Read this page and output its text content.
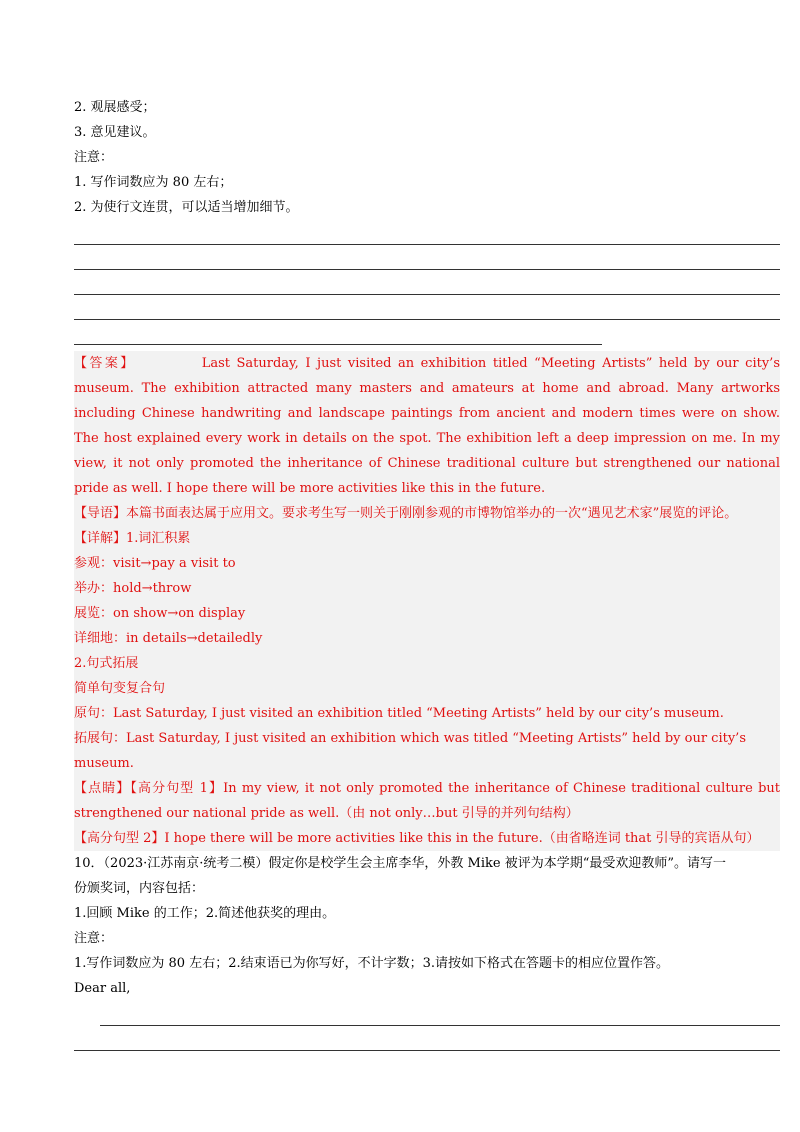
2. 观展感受；
3. 意见建议。
注意：
1. 写作词数应为 80 左右；
2. 为使行文连贯，可以适当增加细节。
【答案】	Last Saturday, I just visited an exhibition titled “Meeting Artists” held by our city’s museum. The exhibition attracted many masters and amateurs at home and abroad. Many artworks including Chinese handwriting and landscape paintings from ancient and modern times were on show. The host explained every work in details on the spot. The exhibition left a deep impression on me. In my view, it not only promoted the inheritance of Chinese traditional culture but strengthened our national pride as well. I hope there will be more activities like this in the future.
【导语】本篇书面表达属于应用文。要求考生写一则关于刚刚参观的市博物馆举办的一次“遇见艺术家”展览的评论。
【详解】1.词汇积累
参观：visit→pay a visit to
举办：hold→throw
展览：on show→on display
详细地：in details→detailedly
2.句式拓展
简单句变复合句
原句：Last Saturday, I just visited an exhibition titled “Meeting Artists” held by our city’s museum.
拓展句：Last Saturday, I just visited an exhibition which was titled “Meeting Artists” held by our city’s museum.
【点睛】【高分句型 1】In my view, it not only promoted the inheritance of Chinese traditional culture but strengthened our national pride as well.（由 not only…but 引导的并列句结构）
【高分句型 2】I hope there will be more activities like this in the future.（由省略连词 that 引导的宾语从句）
10．（2023·江苏南京·统考二模）假定你是校学生会主席李华，外教 Mike 被评为本学期“最受欢迎教师”。请写一
份颁奖词，内容包括：
1.回顾 Mike 的工作；2.简述他获奖的理由。
注意：
1.写作词数应为 80 左右；2.结束语已为你写好，不计字数；3.请按如下格式在答题卡的相应位置作答。
Dear all,
